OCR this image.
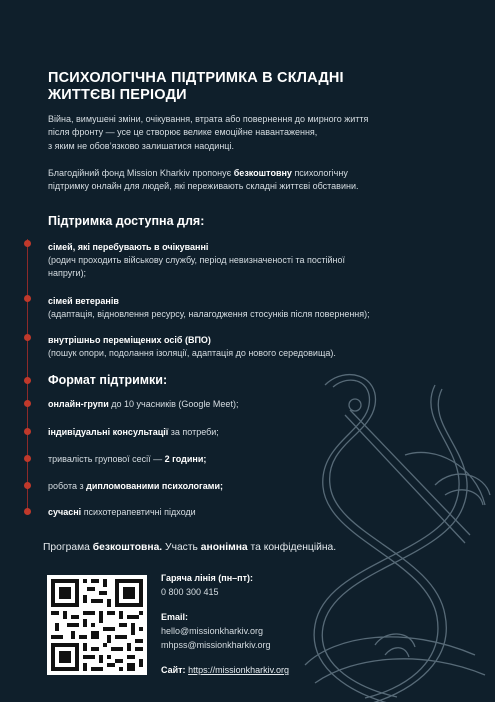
ПСИХОЛОГІЧНА ПІДТРИМКА В СКЛАДНІ
ЖИТТЄВІ ПЕРІОДИ
Війна, вимушені зміни, очікування, втрата або повернення до мирного життя
після фронту — усе це створює велике емоційне навантаження,
з яким не обов’язково залишатися наодинці.
Благодійний фонд Mission Kharkiv пропонує безкоштовну психологічну
підтримку онлайн для людей, які переживають складні життєві обставини.
Підтримка доступна для:
сімей, які перебувають в очікуванні
(родич проходить військову службу, період невизначеності та постійної
напруги);
сімей ветеранів
(адаптація, відновлення ресурсу, налагодження стосунків після повернення);
внутрішньо переміщених осіб (ВПО)
(пошук опори, подолання ізоляції, адаптація до нового середовища).
Формат підтримки:
онлайн-групи до 10 учасників (Google Meet);
індивідуальні консультації за потреби;
тривалість групової сесії — 2 години;
робота з дипломованими психологами;
сучасні психотерапевтичні підходи
Програма безкоштовна. Участь анонімна та конфіденційна.
Гаряча лінія (пн–пт):
0 800 300 415
Email:
hello@missionkharkiv.org
mhpss@missionkharkiv.org
Сайт: https://missionkharkiv.org
